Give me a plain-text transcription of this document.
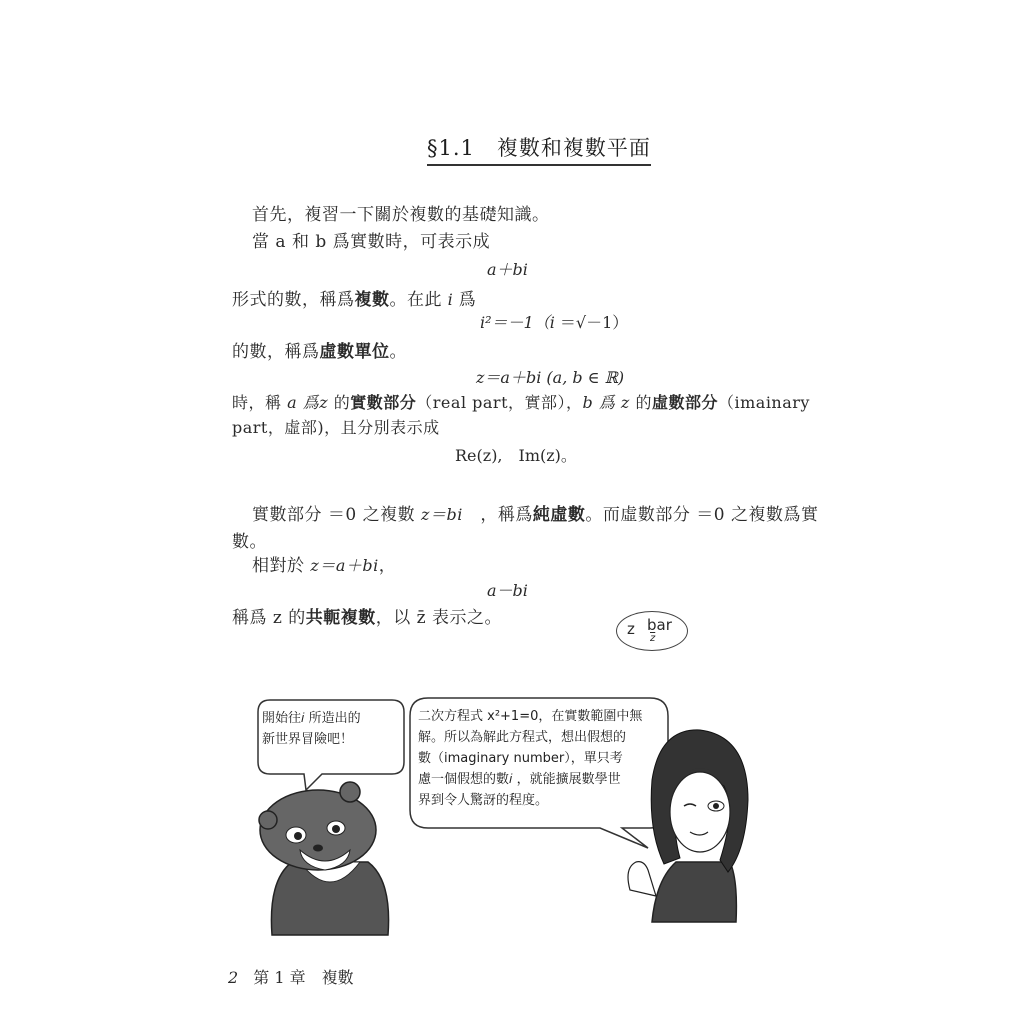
§1.1　複數和複數平面
首先，複習一下關於複數的基礎知識。
當 a 和 b 爲實數時，可表示成
a＋bi
形式的數，稱爲複數。在此 i 爲
i²＝－1（i ＝√－1）
的數，稱爲虛數單位。
z＝a＋bi (a, b ∈ ℝ)
時，稱 a 爲z 的實數部分（real part，實部），b 爲 z 的虛數部分（imainary
part，虛部)，且分別表示成
Re(z),　Im(z)。
實數部分 ＝0 之複數 z＝bi　，稱爲純虛數。而虛數部分 ＝0 之複數爲實
數。
相對於 z＝a＋bi，
a－bi
稱爲 z 的共軛複數，以 z̄ 表示之。
z bar
$\overline{z}$
開始往𝑖 所造出的
新世界冒險吧！
二次方程式 x²+1=0，在實數範圍中無
解。所以為解此方程式，想出假想的
數（imaginary number），單只考
慮一個假想的數𝑖 ，就能擴展數學世
界到令人驚訝的程度。
2 第 1 章　複數
